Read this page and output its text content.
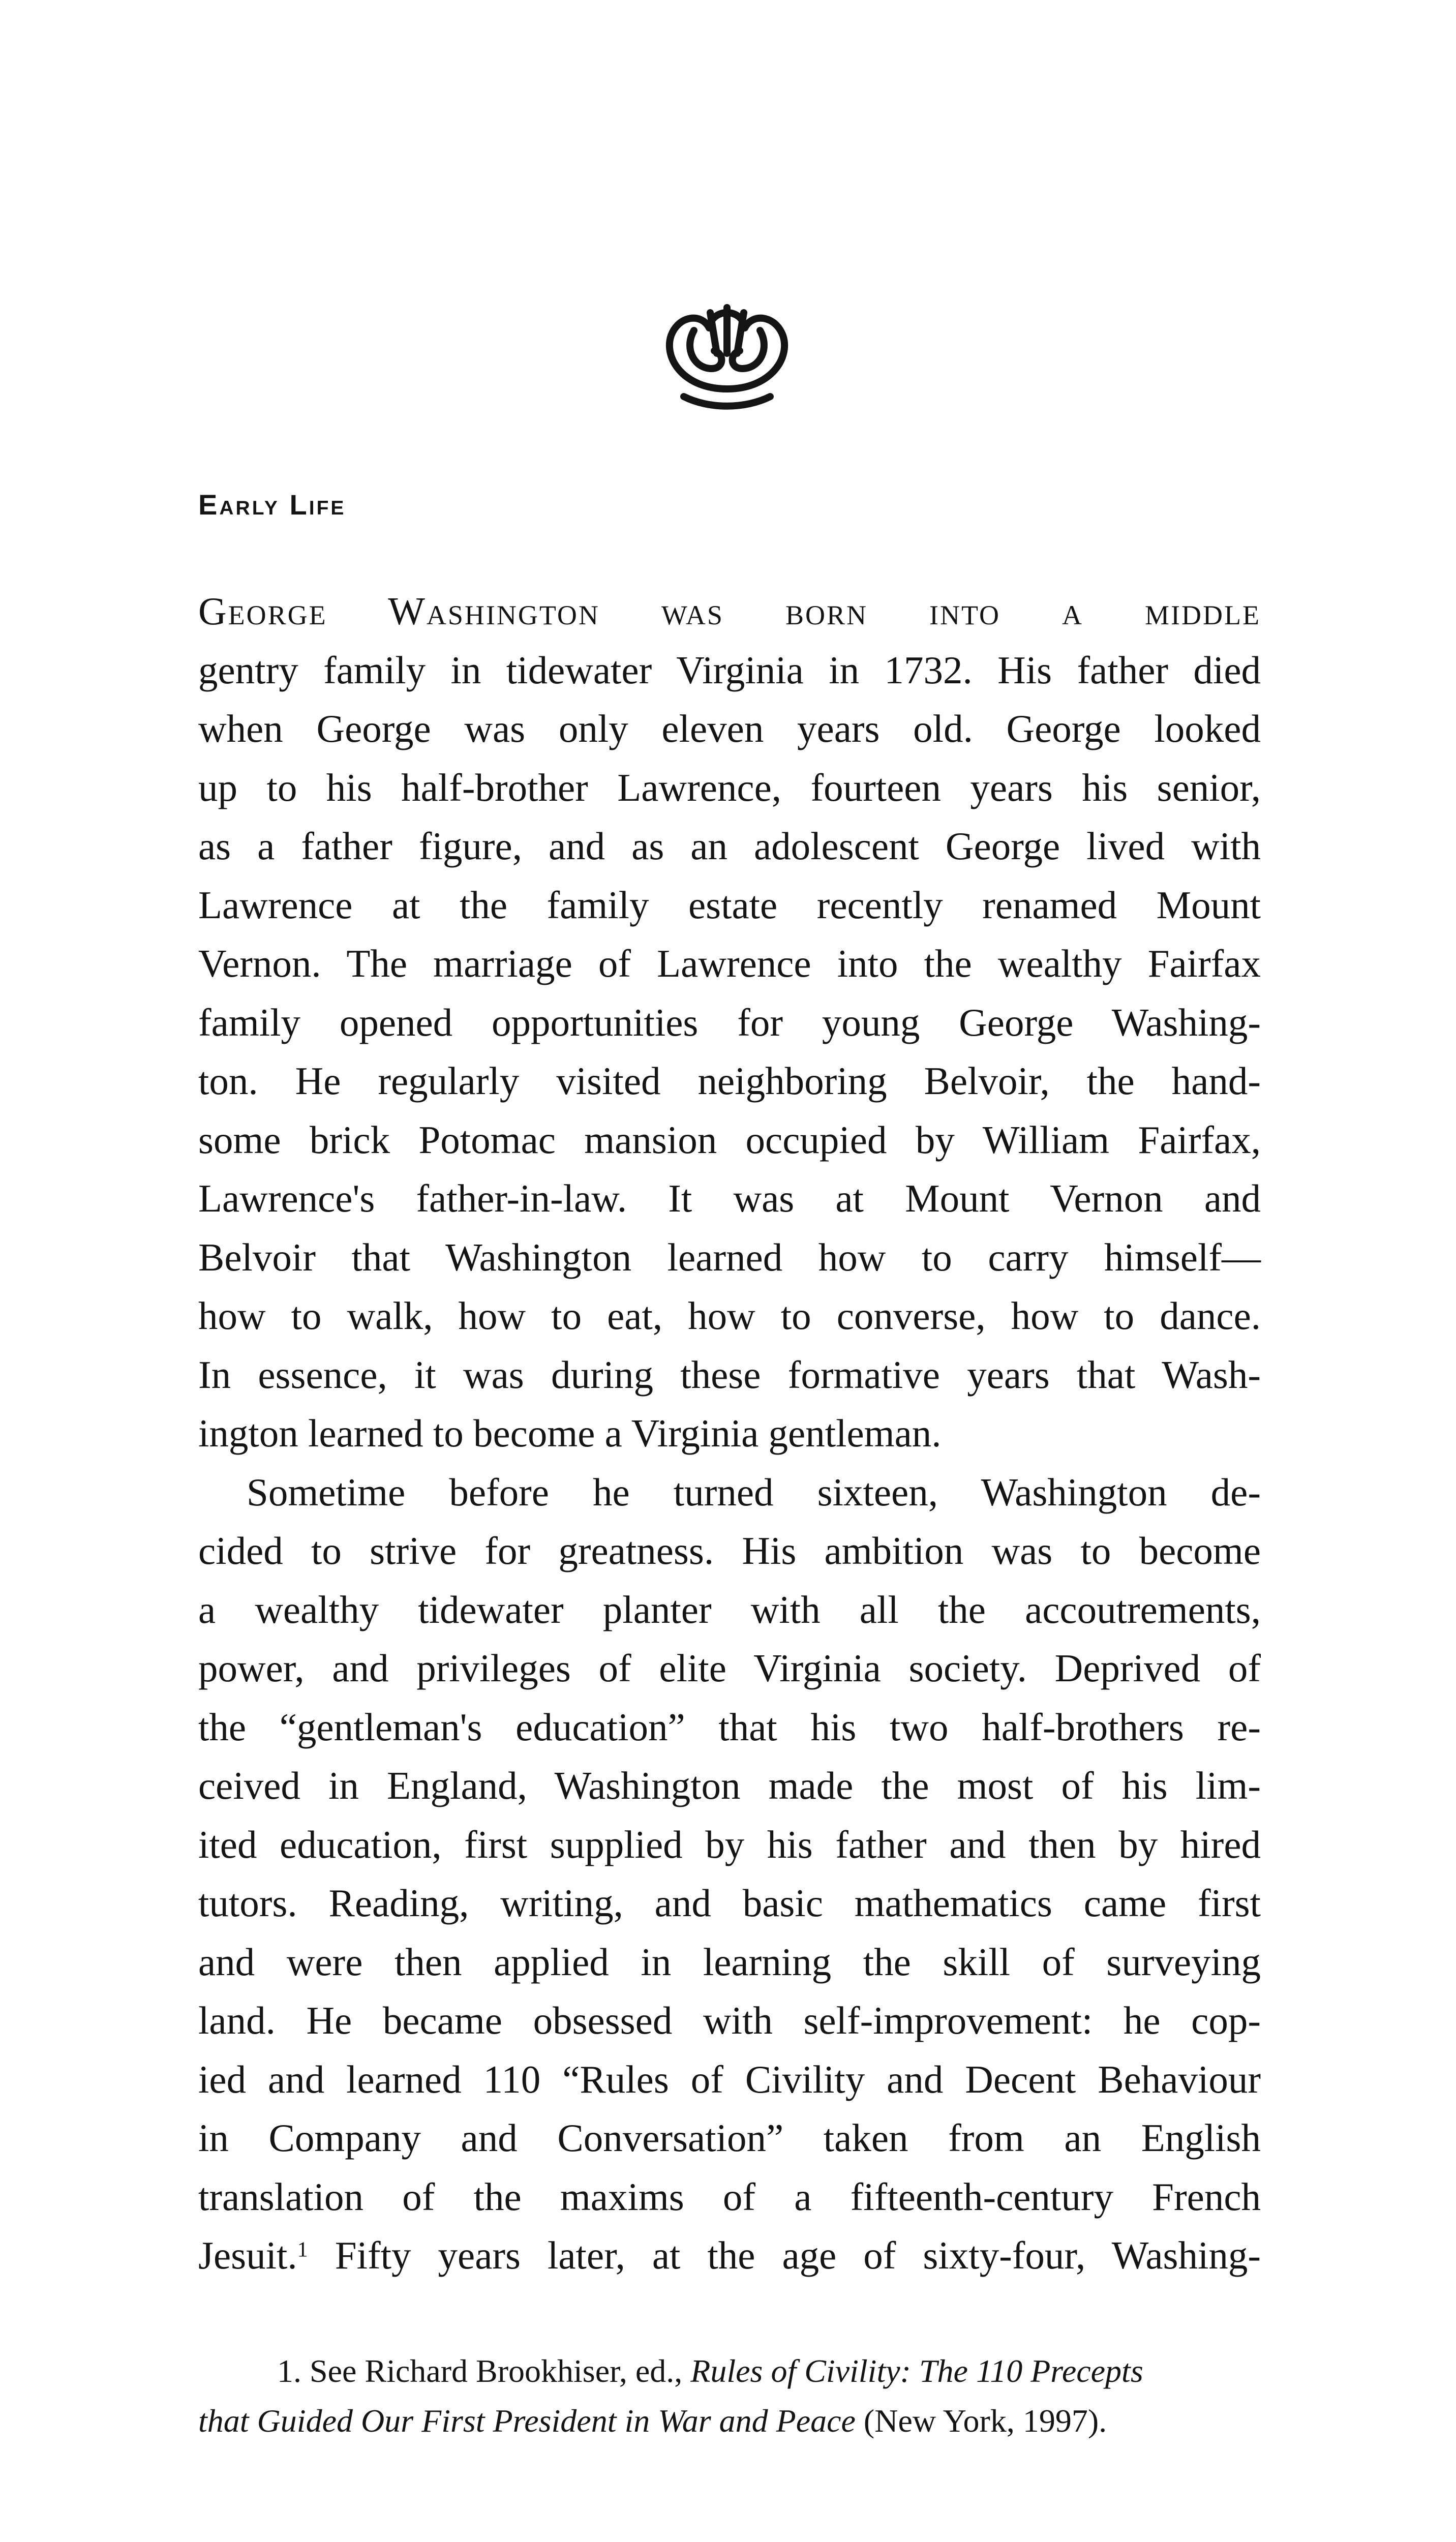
Early Life

George Washington was born into a middle
gentry family in tidewater Virginia in 1732. His father died
when George was only eleven years old. George looked
up to his half-brother Lawrence, fourteen years his senior,
as a father figure, and as an adolescent George lived with
Lawrence at the family estate recently renamed Mount
Vernon. The marriage of Lawrence into the wealthy Fairfax
family opened opportunities for young George Washing-
ton. He regularly visited neighboring Belvoir, the hand-
some brick Potomac mansion occupied by William Fairfax,
Lawrence's father-in-law. It was at Mount Vernon and
Belvoir that Washington learned how to carry himself—
how to walk, how to eat, how to converse, how to dance.
In essence, it was during these formative years that Wash-
ington learned to become a Virginia gentleman.

Sometime before he turned sixteen, Washington de-
cided to strive for greatness. His ambition was to become
a wealthy tidewater planter with all the accoutrements,
power, and privileges of elite Virginia society. Deprived of
the “gentleman's education” that his two half-brothers re-
ceived in England, Washington made the most of his lim-
ited education, first supplied by his father and then by hired
tutors. Reading, writing, and basic mathematics came first
and were then applied in learning the skill of surveying
land. He became obsessed with self-improvement: he cop-
ied and learned 110 “Rules of Civility and Decent Behaviour
in Company and Conversation” taken from an English
translation of the maxims of a fifteenth-century French
Jesuit.$^1$ Fifty years later, at the age of sixty-four, Washing-

1. See Richard Brookhiser, ed., Rules of Civility: The 110 Precepts
that Guided Our First President in War and Peace (New York, 1997).
